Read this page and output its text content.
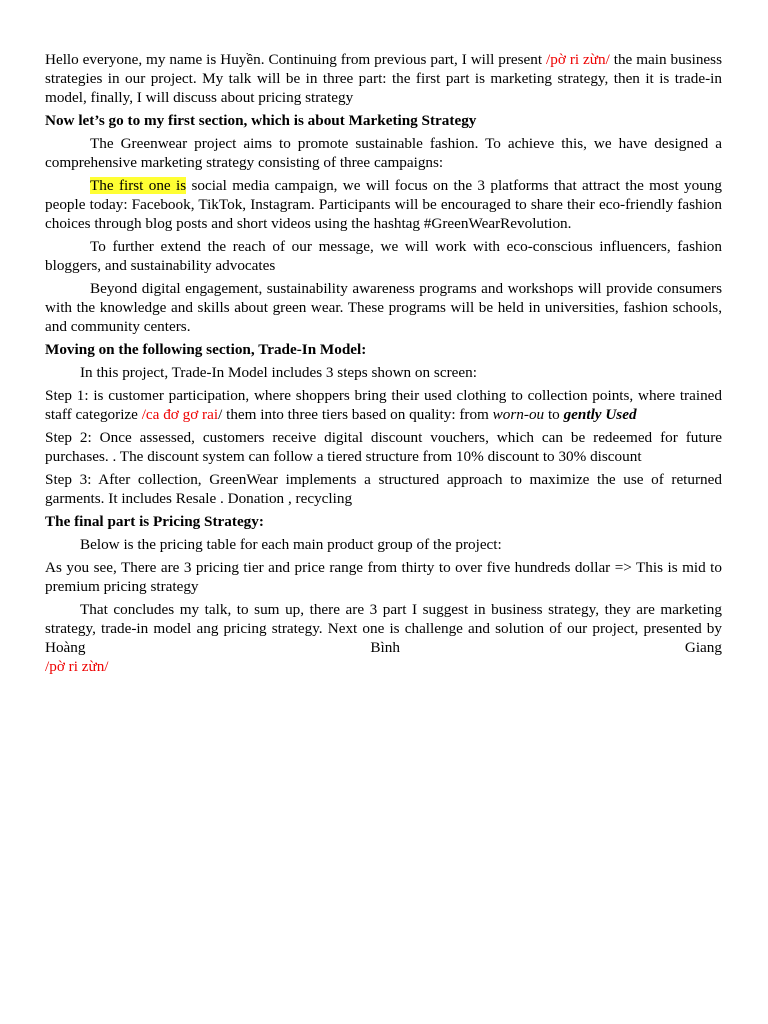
Hello everyone, my name is Huyền. Continuing from previous part, I will present /pờ ri zừn/ the main business strategies in our project. My talk will be in three part: the first part is marketing strategy, then it is trade-in model, finally, I will discuss about pricing strategy

Now let’s go to my first section, which is about Marketing Strategy

The Greenwear project aims to promote sustainable fashion. To achieve this, we have designed a comprehensive marketing strategy consisting of three campaigns:

The first one is social media campaign, we will focus on the 3 platforms that attract the most young people today: Facebook, TikTok, Instagram. Participants will be encouraged to share their eco-friendly fashion choices through blog posts and short videos using the hashtag #GreenWearRevolution.

To further extend the reach of our message, we will work with eco-conscious influencers, fashion bloggers, and sustainability advocates

Beyond digital engagement, sustainability awareness programs and workshops will provide consumers with the knowledge and skills about green wear. These programs will be held in universities, fashion schools, and community centers.

Moving on the following section, Trade-In Model:

In this project, Trade-In Model includes 3 steps shown on screen:

Step 1: is customer participation, where shoppers bring their used clothing to collection points, where trained staff categorize /ca đơ gơ rai/ them into three tiers based on quality: from worn-ou to gently Used

Step 2: Once assessed, customers receive digital discount vouchers, which can be redeemed for future purchases. . The discount system can follow a tiered structure from 10% discount to 30% discount

Step 3: After collection, GreenWear implements a structured approach to maximize the use of returned garments. It includes Resale . Donation , recycling

The final part is Pricing Strategy:

Below is the pricing table for each main product group of the project:

As you see, There are 3 pricing tier and price range from thirty to over five hundreds dollar => This is mid to premium pricing strategy

That concludes my talk, to sum up, there are 3 part I suggest in business strategy, they are marketing strategy, trade-in model ang pricing strategy. Next one is challenge and solution of our project, presented by Hoàng Bình Giang
/pờ ri zừn/
